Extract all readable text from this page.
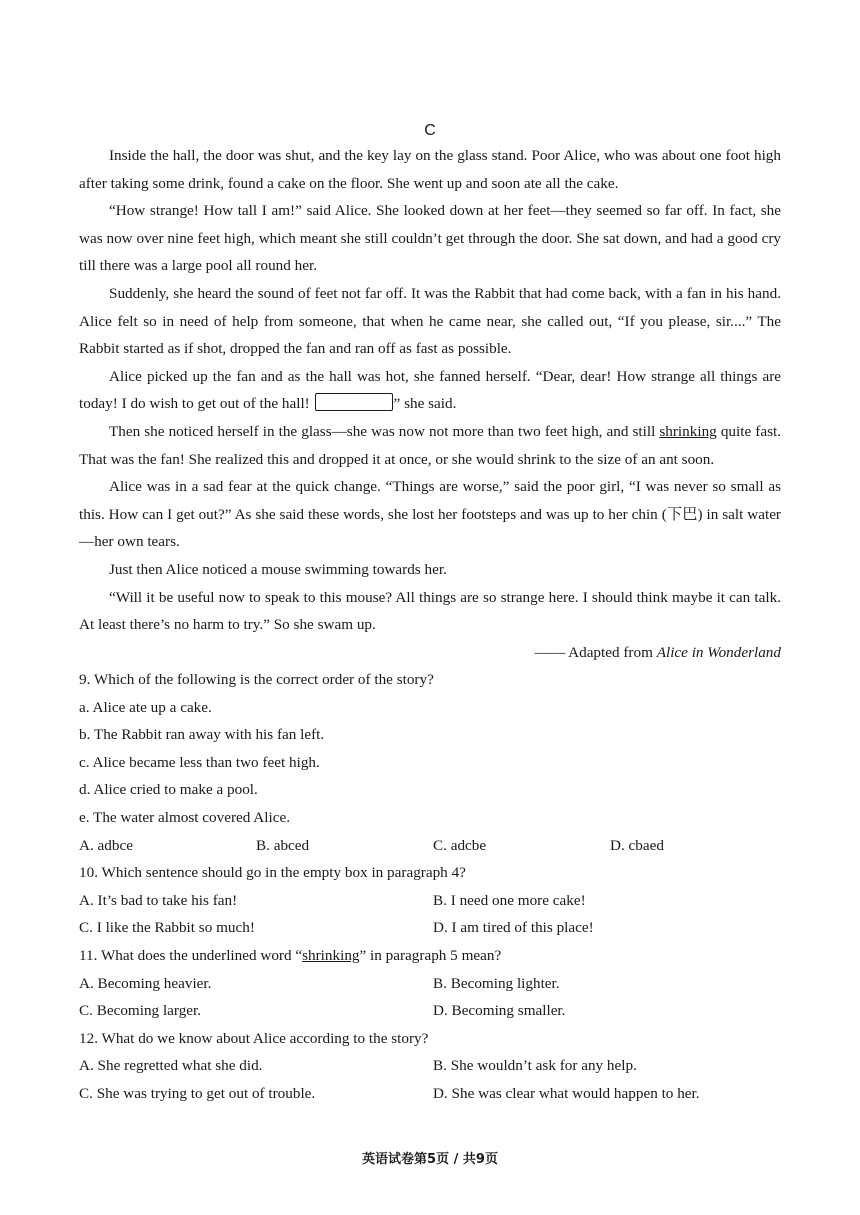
C

Inside the hall, the door was shut, and the key lay on the glass stand. Poor Alice, who was about one foot high after taking some drink, found a cake on the floor. She went up and soon ate all the cake.

“How strange! How tall I am!” said Alice. She looked down at her feet—they seemed so far off. In fact, she was now over nine feet high, which meant she still couldn’t get through the door. She sat down, and had a good cry till there was a large pool all round her.

Suddenly, she heard the sound of feet not far off. It was the Rabbit that had come back, with a fan in his hand. Alice felt so in need of help from someone, that when he came near, she called out, “If you please, sir....” The Rabbit started as if shot, dropped the fan and ran off as fast as possible.

Alice picked up the fan and as the hall was hot, she fanned herself. “Dear, dear! How strange all things are today! I do wish to get out of the hall!	” she said.

Then she noticed herself in the glass—she was now not more than two feet high, and still shrinking quite fast. That was the fan! She realized this and dropped it at once, or she would shrink to the size of an ant soon.

Alice was in a sad fear at the quick change. “Things are worse,” said the poor girl, “I was never so small as this. How can I get out?” As she said these words, she lost her footsteps and was up to her chin (下巴) in salt water—her own tears.

Just then Alice noticed a mouse swimming towards her.

“Will it be useful now to speak to this mouse? All things are so strange here. I should think maybe it can talk. At least there’s no harm to try.” So she swam up.

—— Adapted from Alice in Wonderland

9. Which of the following is the correct order of the story?
a. Alice ate up a cake.
b. The Rabbit ran away with his fan left.
c. Alice became less than two feet high.
d. Alice cried to make a pool.
e. The water almost covered Alice.
A. adbce	B. abced	C. adcbe	D. cbaed
10. Which sentence should go in the empty box in paragraph 4?
A. It’s bad to take his fan!	B. I need one more cake!
C. I like the Rabbit so much!	D. I am tired of this place!
11. What does the underlined word “shrinking” in paragraph 5 mean?
A. Becoming heavier.	B. Becoming lighter.
C. Becoming larger.	D. Becoming smaller.
12. What do we know about Alice according to the story?
A. She regretted what she did.	B. She wouldn’t ask for any help.
C. She was trying to get out of trouble.	D. She was clear what would happen to her.
英语试卷第5页 / 共9页
